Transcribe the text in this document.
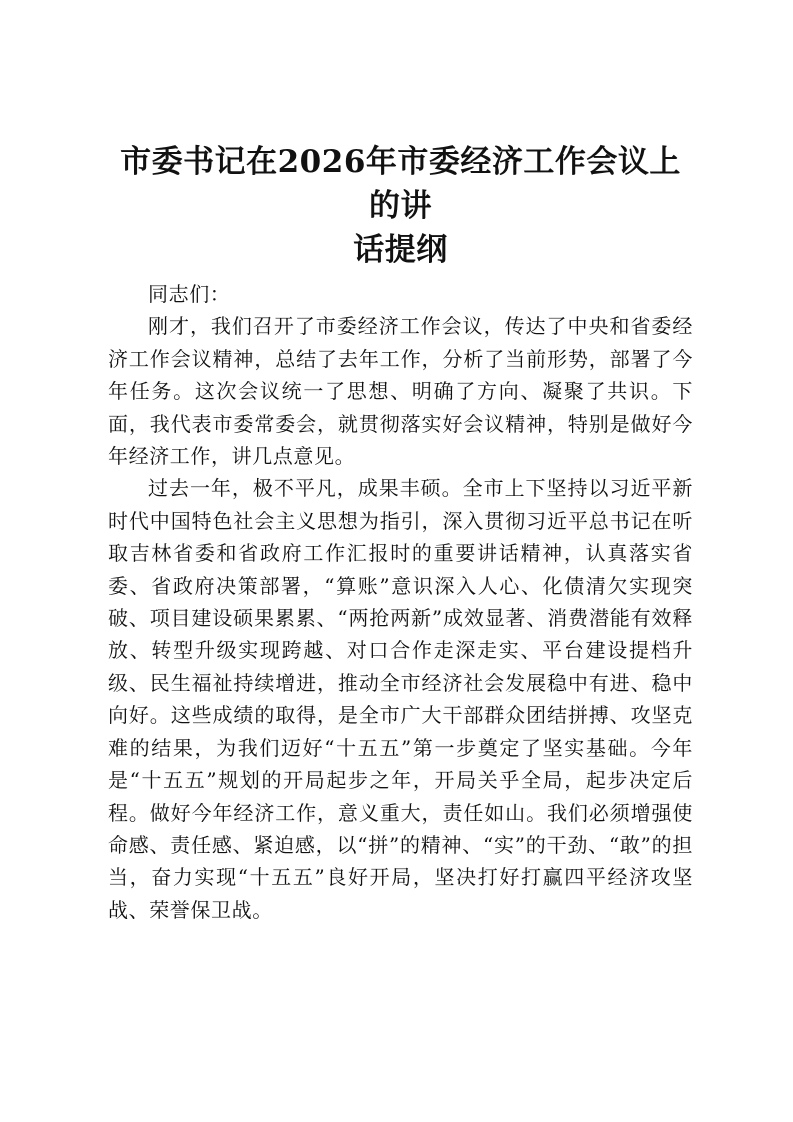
市委书记在2026年市委经济工作会议上的讲
话提纲

同志们：

刚才，我们召开了市委经济工作会议，传达了中央和省委经济工作会议精神，总结了去年工作，分析了当前形势，部署了今年任务。这次会议统一了思想、明确了方向、凝聚了共识。下面，我代表市委常委会，就贯彻落实好会议精神，特别是做好今年经济工作，讲几点意见。

过去一年，极不平凡，成果丰硕。全市上下坚持以习近平新时代中国特色社会主义思想为指引，深入贯彻习近平总书记在听取吉林省委和省政府工作汇报时的重要讲话精神，认真落实省委、省政府决策部署，“算账”意识深入人心、化债清欠实现突破、项目建设硕果累累、“两抢两新”成效显著、消费潜能有效释放、转型升级实现跨越、对口合作走深走实、平台建设提档升级、民生福祉持续增进，推动全市经济社会发展稳中有进、稳中向好。这些成绩的取得，是全市广大干部群众团结拼搏、攻坚克难的结果，为我们迈好“十五五”第一步奠定了坚实基础。今年是“十五五”规划的开局起步之年，开局关乎全局，起步决定后程。做好今年经济工作，意义重大，责任如山。我们必须增强使命感、责任感、紧迫感，以“拼”的精神、“实”的干劲、“敢”的担当，奋力实现“十五五”良好开局，坚决打好打赢四平经济攻坚战、荣誉保卫战。
